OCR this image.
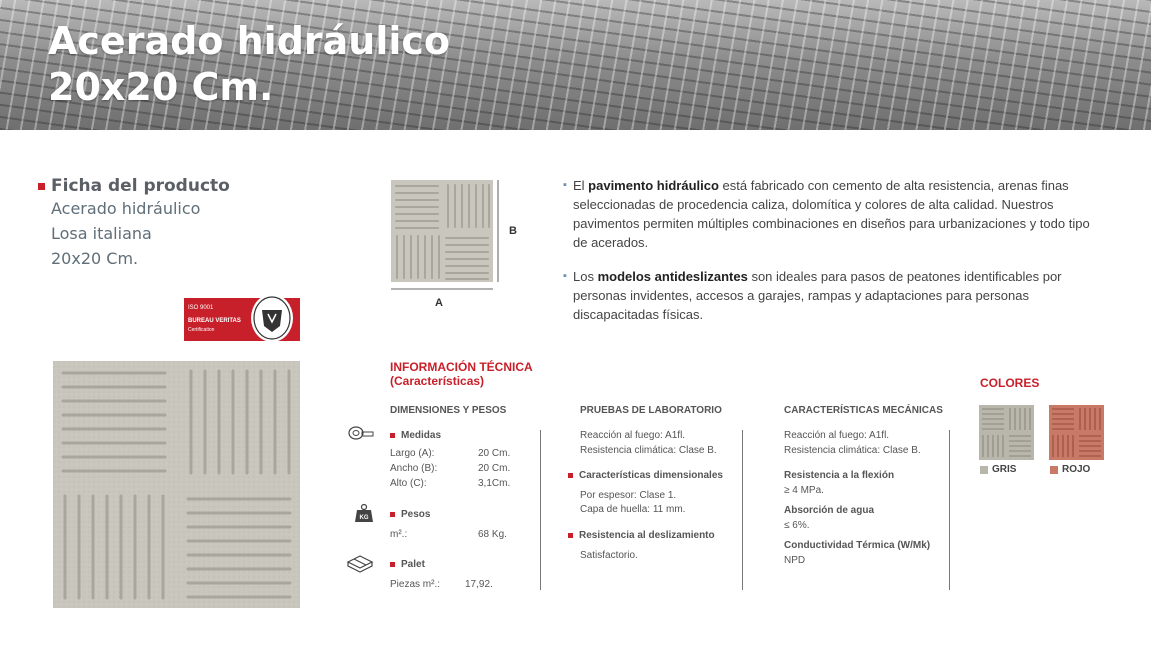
Acerado hidráulico
20x20 Cm.
Ficha del producto
Acerado hidráulico
Losa italiana
20x20 Cm.
ISO 9001
BUREAU VERITAS
Certification
B
A

▪ El pavimento hidráulico está fabricado con cemento de alta resistencia, arenas finas seleccionadas de procedencia caliza, dolomítica y colores de alta calidad. Nuestros pavimentos permiten múltiples combinaciones en diseños para urbanizaciones y todo tipo de acerados.

▪ Los modelos antideslizantes son ideales para pasos de peatones identificables por personas invidentes, accesos a garajes, rampas y adaptaciones para personas discapacitadas físicas.

INFORMACIÓN TÉCNICA
(Características)
DIMENSIONES Y PESOS	PRUEBAS DE LABORATORIO	CARACTERÍSTICAS MECÁNICAS
Medidas
Largo (A):	20 Cm.
Ancho (B):	20 Cm.
Alto (C):	3,1Cm.
KG	Pesos
m².:	68 Kg.
Palet
Piezas m².:	17,92.
Reacción al fuego: A1fl.
Resistencia climática: Clase B.
Características dimensionales
Por espesor: Clase 1.
Capa de huella: 11 mm.
Resistencia al deslizamiento
Satisfactorio.
Reacción al fuego: A1fl.
Resistencia climática: Clase B.
Resistencia a la flexión
≥ 4 MPa.
Absorción de agua
≤ 6%.
Conductividad Térmica (W/Mk)
NPD
COLORES
GRIS	ROJO
